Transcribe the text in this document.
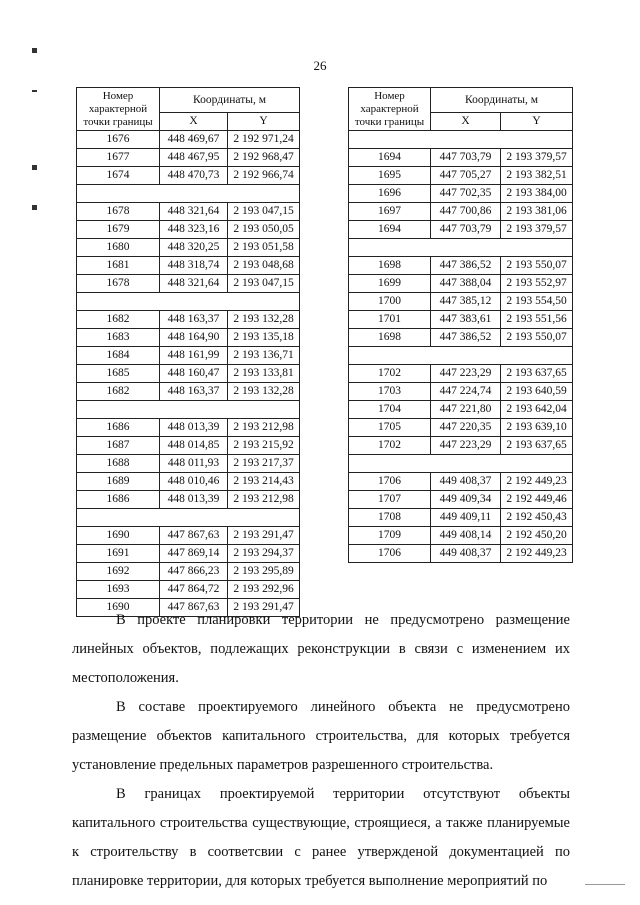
26
Номер характерной точки границы	Координаты, м	
	X	Y
1676	448 469,67	2 192 971,24
1677	448 467,95	2 192 968,47
1674	448 470,73	2 192 966,74

1678	448 321,64	2 193 047,15
1679	448 323,16	2 193 050,05
1680	448 320,25	2 193 051,58
1681	448 318,74	2 193 048,68
1678	448 321,64	2 193 047,15

1682	448 163,37	2 193 132,28
1683	448 164,90	2 193 135,18
1684	448 161,99	2 193 136,71
1685	448 160,47	2 193 133,81
1682	448 163,37	2 193 132,28

1686	448 013,39	2 193 212,98
1687	448 014,85	2 193 215,92
1688	448 011,93	2 193 217,37
1689	448 010,46	2 193 214,43
1686	448 013,39	2 193 212,98

1690	447 867,63	2 193 291,47
1691	447 869,14	2 193 294,37
1692	447 866,23	2 193 295,89
1693	447 864,72	2 193 292,96
1690	447 867,63	2 193 291,47
Номер характерной точки границы	Координаты, м	
	X	Y

1694	447 703,79	2 193 379,57
1695	447 705,27	2 193 382,51
1696	447 702,35	2 193 384,00
1697	447 700,86	2 193 381,06
1694	447 703,79	2 193 379,57

1698	447 386,52	2 193 550,07
1699	447 388,04	2 193 552,97
1700	447 385,12	2 193 554,50
1701	447 383,61	2 193 551,56
1698	447 386,52	2 193 550,07

1702	447 223,29	2 193 637,65
1703	447 224,74	2 193 640,59
1704	447 221,80	2 193 642,04
1705	447 220,35	2 193 639,10
1702	447 223,29	2 193 637,65

1706	449 408,37	2 192 449,23
1707	449 409,34	2 192 449,46
1708	449 409,11	2 192 450,43
1709	449 408,14	2 192 450,20
1706	449 408,37	2 192 449,23

В проекте планировки территории не предусмотрено размещение линейных объектов, подлежащих реконструкции в связи с изменением их местоположения.

В составе проектируемого линейного объекта не предусмотрено размещение объектов капитального строительства, для которых требуется установление предельных параметров разрешенного строительства.

В границах проектируемой территории отсутствуют объекты капитального строительства существующие, строящиеся, а также планируемые к строительству в соответсвии с ранее утвержденой документацией по планировке территории, для которых требуется выполнение мероприятий по
